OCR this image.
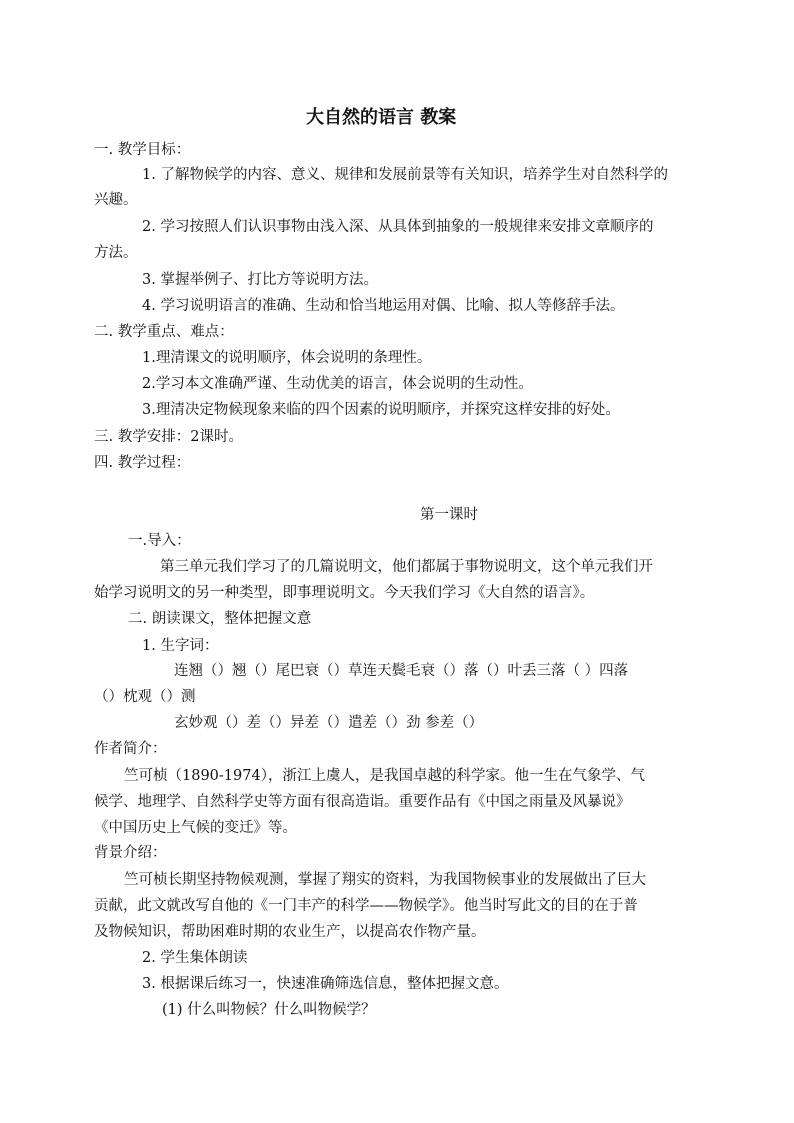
大自然的语言 教案
一. 教学目标：
1. 了解物候学的内容、意义、规律和发展前景等有关知识，培养学生对自然科学的
兴趣。
2. 学习按照人们认识事物由浅入深、从具体到抽象的一般规律来安排文章顺序的
方法。
3. 掌握举例子、打比方等说明方法。
4. 学习说明语言的准确、生动和恰当地运用对偶、比喻、拟人等修辞手法。
二. 教学重点、难点：
1.理清课文的说明顺序，体会说明的条理性。
2.学习本文准确严谨、生动优美的语言，体会说明的生动性。
3.理清决定物候现象来临的四个因素的说明顺序，并探究这样安排的好处。
三. 教学安排：2课时。
四. 教学过程：
第一课时
一.导入：
第三单元我们学习了的几篇说明文，他们都属于事物说明文，这个单元我们开
始学习说明文的另一种类型，即事理说明文。今天我们学习《大自然的语言》。
二. 朗读课文，整体把握文意
1. 生字词：
连翘（）翘（）尾巴衰（）草连天鬓毛衰（）落（）叶丢三落（ ）四落
（）枕观（）测
玄妙观（）差（）异差（）遣差（）劲 参差（）
作者简介：
竺可桢（1890-1974），浙江上虞人，是我国卓越的科学家。他一生在气象学、气
候学、地理学、自然科学史等方面有很高造诣。重要作品有《中国之雨量及风暴说》
《中国历史上气候的变迁》等。
背景介绍：
竺可桢长期坚持物候观测，掌握了翔实的资料，为我国物候事业的发展做出了巨大
贡献，此文就改写自他的《一门丰产的科学——物候学》。他当时写此文的目的在于普
及物候知识，帮助困难时期的农业生产，以提高农作物产量。
2. 学生集体朗读
3. 根据课后练习一，快速准确筛选信息，整体把握文意。
(1) 什么叫物候？什么叫物候学？
